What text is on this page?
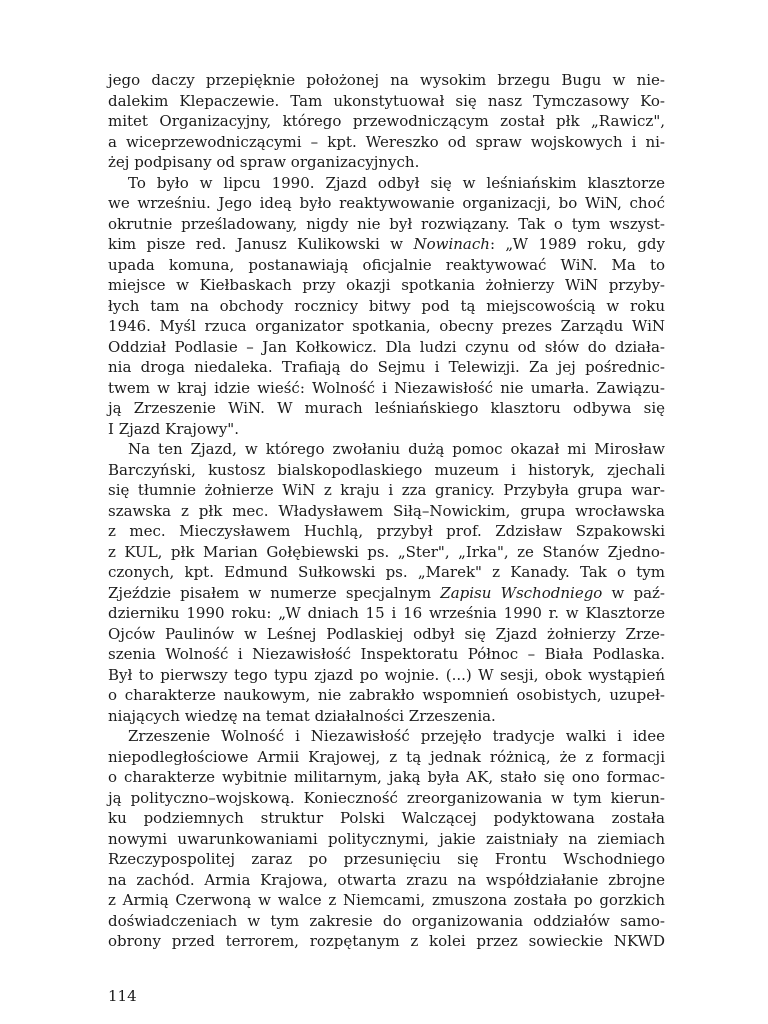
jego daczy przepięknie położonej na wysokim brzegu Bugu w nie-
dalekim Klepaczewie. Tam ukonstytuował się nasz Tymczasowy Ko-
mitet Organizacyjny, którego przewodniczącym został płk „Rawicz",
a wiceprzewodniczącymi – kpt. Wereszko od spraw wojskowych i ni-
żej podpisany od spraw organizacyjnych.
To było w lipcu 1990. Zjazd odbył się w leśniańskim klasztorze
we wrześniu. Jego ideą było reaktywowanie organizacji, bo WiN, choć
okrutnie prześladowany, nigdy nie był rozwiązany. Tak o tym wszyst-
kim pisze red. Janusz Kulikowski w Nowinach: „W 1989 roku, gdy
upada komuna, postanawiają oficjalnie reaktywować WiN. Ma to
miejsce w Kiełbaskach przy okazji spotkania żołnierzy WiN przyby-
łych tam na obchody rocznicy bitwy pod tą miejscowością w roku
1946. Myśl rzuca organizator spotkania, obecny prezes Zarządu WiN
Oddział Podlasie – Jan Kołkowicz. Dla ludzi czynu od słów do działa-
nia droga niedaleka. Trafiają do Sejmu i Telewizji. Za jej pośrednic-
twem w kraj idzie wieść: Wolność i Niezawisłość nie umarła. Zawiązu-
ją Zrzeszenie WiN. W murach leśniańskiego klasztoru odbywa się
I Zjazd Krajowy".
Na ten Zjazd, w którego zwołaniu dużą pomoc okazał mi Mirosław
Barczyński, kustosz bialskopodlaskiego muzeum i historyk, zjechali
się tłumnie żołnierze WiN z kraju i zza granicy. Przybyła grupa war-
szawska z płk mec. Władysławem Siłą–Nowickim, grupa wrocławska
z mec. Mieczysławem Huchlą, przybył prof. Zdzisław Szpakowski
z KUL, płk Marian Gołębiewski ps. „Ster", „Irka", ze Stanów Zjedno-
czonych, kpt. Edmund Sułkowski ps. „Marek" z Kanady. Tak o tym
Zjeździe pisałem w numerze specjalnym Zapisu Wschodniego w paź-
dzierniku 1990 roku: „W dniach 15 i 16 września 1990 r. w Klasztorze
Ojców Paulinów w Leśnej Podlaskiej odbył się Zjazd żołnierzy Zrze-
szenia Wolność i Niezawisłość Inspektoratu Północ – Biała Podlaska.
Był to pierwszy tego typu zjazd po wojnie. (...) W sesji, obok wystąpień
o charakterze naukowym, nie zabrakło wspomnień osobistych, uzupeł-
niających wiedzę na temat działalności Zrzeszenia.
Zrzeszenie Wolność i Niezawisłość przejęło tradycje walki i idee
niepodległościowe Armii Krajowej, z tą jednak różnicą, że z formacji
o charakterze wybitnie militarnym, jaką była AK, stało się ono formac-
ją polityczno–wojskową. Konieczność zreorganizowania w tym kierun-
ku podziemnych struktur Polski Walczącej podyktowana została
nowymi uwarunkowaniami politycznymi, jakie zaistniały na ziemiach
Rzeczypospolitej zaraz po przesunięciu się Frontu Wschodniego
na zachód. Armia Krajowa, otwarta zrazu na współdziałanie zbrojne
z Armią Czerwoną w walce z Niemcami, zmuszona została po gorzkich
doświadczeniach w tym zakresie do organizowania oddziałów samo-
obrony przed terrorem, rozpętanym z kolei przez sowieckie NKWD
114
